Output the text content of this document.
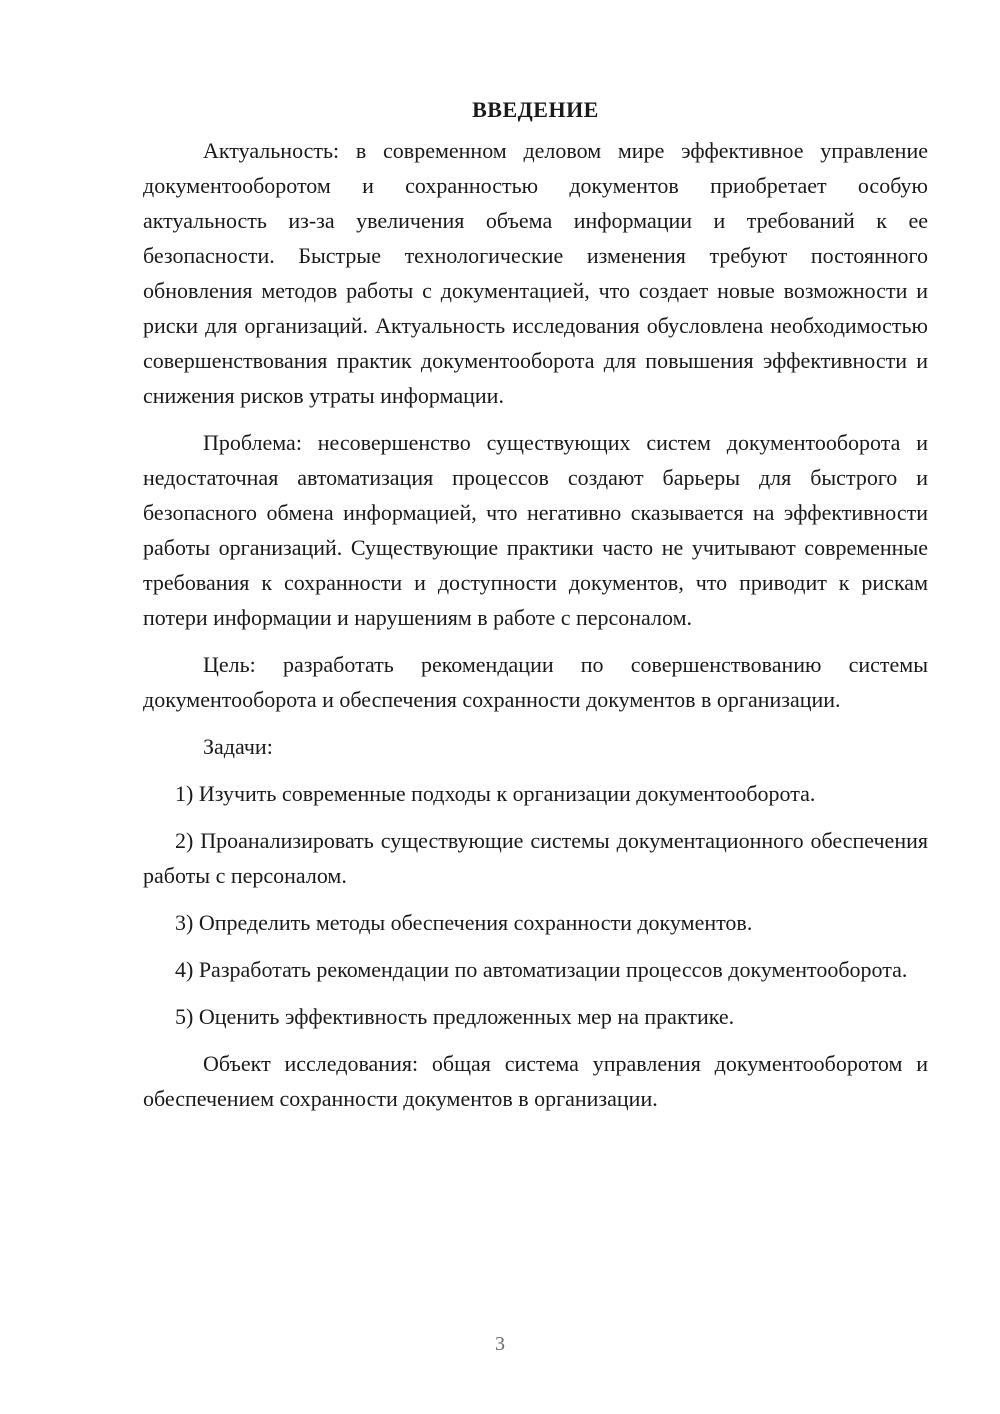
ВВЕДЕНИЕ

Актуальность: в современном деловом мире эффективное управление документооборотом и сохранностью документов приобретает особую актуальность из-за увеличения объема информации и требований к ее безопасности. Быстрые технологические изменения требуют постоянного обновления методов работы с документацией, что создает новые возможности и риски для организаций. Актуальность исследования обусловлена необходимостью совершенствования практик документооборота для повышения эффективности и снижения рисков утраты информации.

Проблема: несовершенство существующих систем документооборота и недостаточная автоматизация процессов создают барьеры для быстрого и безопасного обмена информацией, что негативно сказывается на эффективности работы организаций. Существующие практики часто не учитывают современные требования к сохранности и доступности документов, что приводит к рискам потери информации и нарушениям в работе с персоналом.

Цель: разработать рекомендации по совершенствованию системы документооборота и обеспечения сохранности документов в организации.

Задачи:

1) Изучить современные подходы к организации документооборота.

2) Проанализировать существующие системы документационного обеспечения работы с персоналом.

3) Определить методы обеспечения сохранности документов.

4) Разработать рекомендации по автоматизации процессов документооборота.

5) Оценить эффективность предложенных мер на практике.

Объект исследования: общая система управления документооборотом и обеспечением сохранности документов в организации.

3
